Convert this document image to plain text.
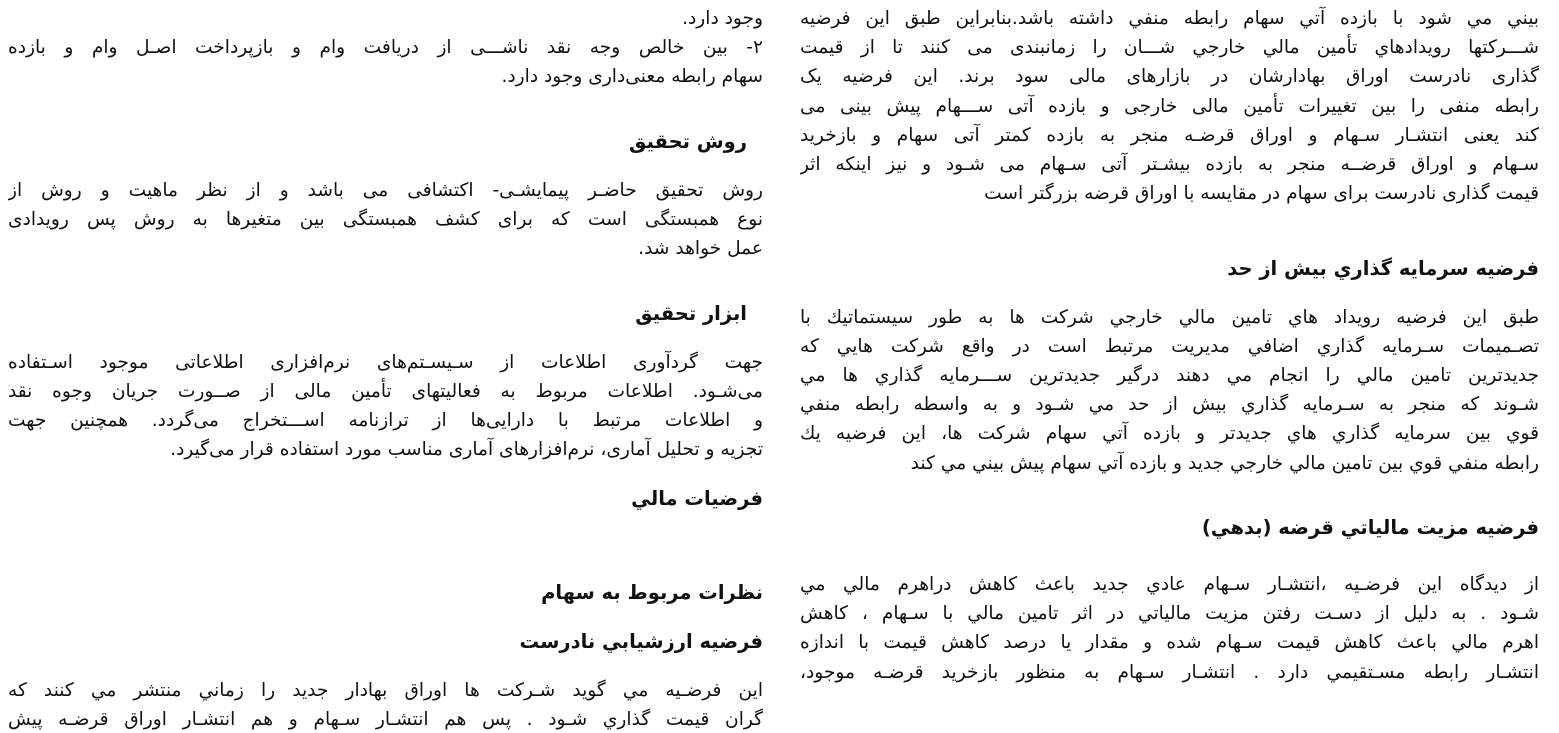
بيني مي شود با بازده آتي سهام رابطه منفي داشته باشد.بنابراين طبق اين فرضيه
شـــركتها رويدادهاي تأمين مالي خارجي شـــان را زمانبندی می کنند تا از قيمت
گذاری نادرست اوراق بهادارشان در بازارهای مالی سود برند. اين فرضيه يک
رابطه منفی را بين تغييرات تأمين مالی خارجی و بازده آتی ســـهام پيش بينی می
كند يعنی انتشـار سـهام و اوراق قرضـه منجر به بازده كمتر آتی سهام و بازخريد
سـهام و اوراق قرضــه منجر به بازده بيشـتر آتی سـهام می شـود و نيز اينكه اثر
قيمت گذاری نادرست برای سهام در مقايسه با اوراق قرضه بزرگتر است
فرضيه سرمايه گذاري بيش از حد
طبق اين فرضيه رويداد هاي تامين مالي خارجي شركت ها به طور سيستماتيك با
تصـميمات سـرمايه گذاري اضافي مديريت مرتبط است در واقع شركت هايي كه
جديدترين تامين مالي را انجام مي دهند درگير جديدترين ســـرمايه گذاري ها مي
شـوند كه منجر به سـرمايه گذاري بيش از حد مي شـود و به واسطه رابطه منفي
قوي بين سرمايه گذاري هاي جديدتر و بازده آتي سهام شركت ها، اين فرضيه يك
رابطه منفي قوي بين تامين مالي خارجي جديد و بازده آتي سهام پيش بيني مي كند
فرضيه مزيت مالياتي قرضه (بدهي)
از ديدگاه اين فرضـيه ،انتشـار سـهام عادي جديد باعث كاهش دراهرم مالي مي
شـود . به دليل از دسـت رفتن مزيت مالياتي در اثر تامين مالي با سـهام ، كاهش
اهرم مالي باعث كاهش قيمت سـهام شده و مقدار يا درصد كاهش قيمت با اندازه
انتشـار رابطه مسـتقيمي دارد . انتشـار سـهام به منظور بازخريد قرضـه موجود،
وجود دارد.
۲- بين خالص وجه نقد ناشـــی از دريافت وام و بازپرداخت اصـل وام و بازده
سهام رابطه معنی‌داری وجود دارد.
روش تحقيق
روش تحقيق حاضـر پيمايشـی- اکتشافی می باشد و از نظر ماهيت و روش از
نوع همبستگی است که برای کشف همبستگی بين متغيرها به روش پس رويدادی
عمل خواهد شد.
ابزار تحقيق
جهت گردآوری اطلاعات از سـيسـتم‌های نرم‌افزاری اطلاعاتی موجود اسـتفاده
می‌شـود. اطلاعات مربوط به فعاليتهای تأمين مالی از صــورت جريان وجوه نقد
و اطلاعات مرتبط با دارايی‌ها از ترازنامه اســـتخراج می‌گردد. همچنين جهت
تجزيه و تحليل آماری، نرم‌افزارهای آماری مناسب مورد استفاده قرار می‌گيرد.
فرضيات مالي
نظرات مربوط به سهام
فرضيه ارزشيابي نادرست
اين فرضـيه مي گويد شـركت ها اوراق بهادار جديد را زماني منتشر مي كنند كه
گران قيمت گذاري شـود . پس هم انتشـار سـهام و هم انتشـار اوراق قرضـه پيش
